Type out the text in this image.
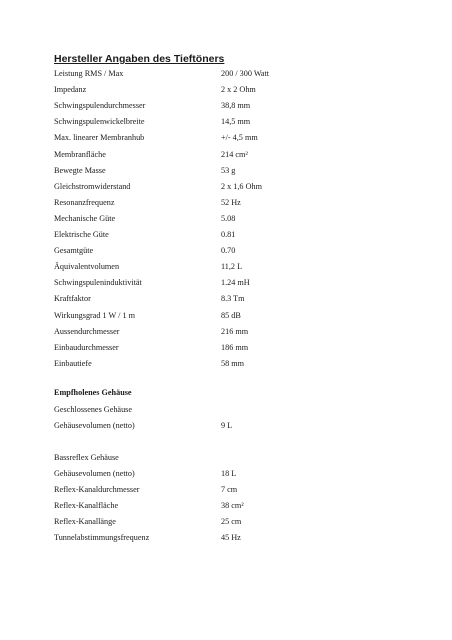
Hersteller Angaben des Tieftöners
Leistung RMS / Max	200 / 300 Watt
Impedanz	2 x 2 Ohm
Schwingspulendurchmesser	38,8 mm
Schwingspulenwickelbreite	14,5 mm
Max. linearer Membranhub	+/- 4,5 mm
Membranfläche	214 cm²
Bewegte Masse	53 g
Gleichstromwiderstand	2 x 1,6 Ohm
Resonanzfrequenz	52 Hz
Mechanische Güte	5.08
Elektrische Güte	0.81
Gesamtgüte	0.70
Äquivalentvolumen	11,2 L
Schwingspuleninduktivität	1.24 mH
Kraftfaktor	8.3 Tm
Wirkungsgrad 1 W / 1 m	85 dB
Aussendurchmesser	216 mm
Einbaudurchmesser	186 mm
Einbautiefe	58 mm
Empfholenes Gehäuse
Geschlossenes Gehäuse
Gehäusevolumen (netto)	9 L
Bassreflex Gehäuse
Gehäusevolumen (netto)	18 L
Reflex-Kanaldurchmesser	7 cm
Reflex-Kanalfläche	38 cm²
Reflex-Kanallänge	25 cm
Tunnelabstimmungsfrequenz	45 Hz
